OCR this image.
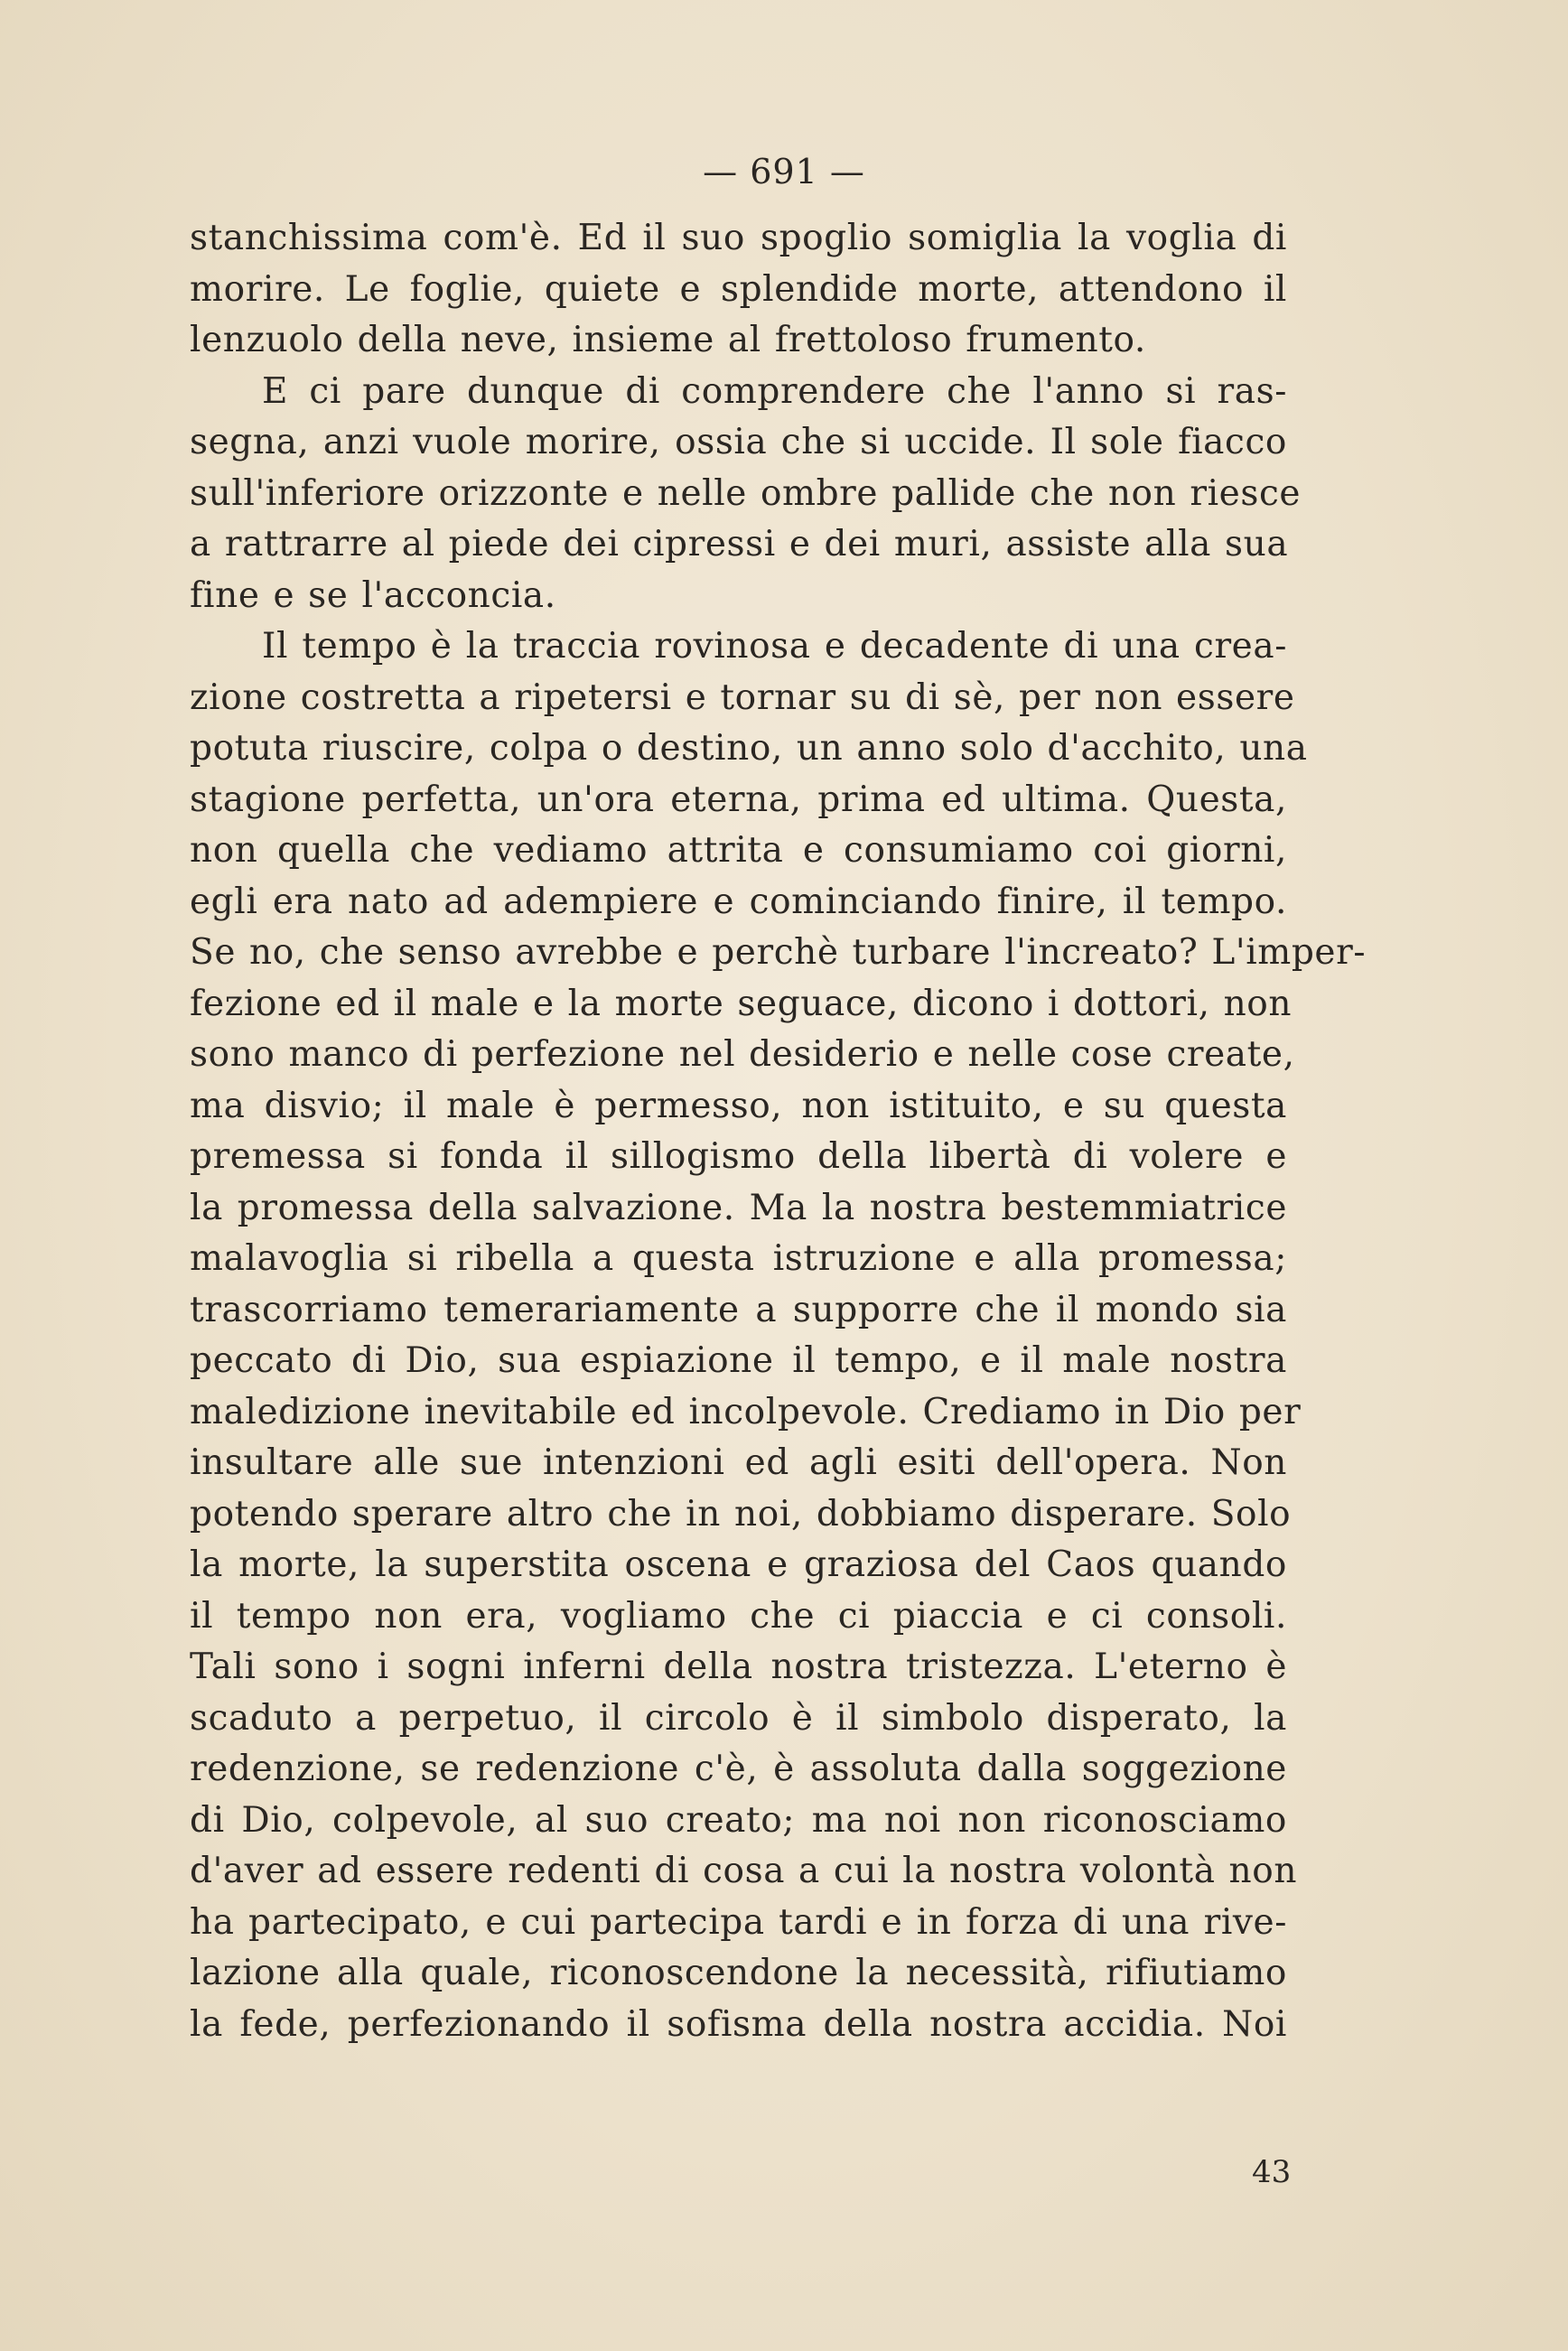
— 691 —
stanchissima com'è. Ed il suo spoglio somiglia la voglia di
morire. Le foglie, quiete e splendide morte, attendono il
lenzuolo della neve, insieme al frettoloso frumento.
E ci pare dunque di comprendere che l'anno si ras-
segna, anzi vuole morire, ossia che si uccide. Il sole fiacco
sull'inferiore orizzonte e nelle ombre pallide che non riesce
a rattrarre al piede dei cipressi e dei muri, assiste alla sua
fine e se l'acconcia.
Il tempo è la traccia rovinosa e decadente di una crea-
zione costretta a ripetersi e tornar su di sè, per non essere
potuta riuscire, colpa o destino, un anno solo d'acchito, una
stagione perfetta, un'ora eterna, prima ed ultima. Questa,
non quella che vediamo attrita e consumiamo coi giorni,
egli era nato ad adempiere e cominciando finire, il tempo.
Se no, che senso avrebbe e perchè turbare l'increato? L'imper-
fezione ed il male e la morte seguace, dicono i dottori, non
sono manco di perfezione nel desiderio e nelle cose create,
ma disvio; il male è permesso, non istituito, e su questa
premessa si fonda il sillogismo della libertà di volere e
la promessa della salvazione. Ma la nostra bestemmiatrice
malavoglia si ribella a questa istruzione e alla promessa;
trascorriamo temerariamente a supporre che il mondo sia
peccato di Dio, sua espiazione il tempo, e il male nostra
maledizione inevitabile ed incolpevole. Crediamo in Dio per
insultare alle sue intenzioni ed agli esiti dell'opera. Non
potendo sperare altro che in noi, dobbiamo disperare. Solo
la morte, la superstita oscena e graziosa del Caos quando
il tempo non era, vogliamo che ci piaccia e ci consoli.
Tali sono i sogni inferni della nostra tristezza. L'eterno è
scaduto a perpetuo, il circolo è il simbolo disperato, la
redenzione, se redenzione c'è, è assoluta dalla soggezione
di Dio, colpevole, al suo creato; ma noi non riconosciamo
d'aver ad essere redenti di cosa a cui la nostra volontà non
ha partecipato, e cui partecipa tardi e in forza di una rive-
lazione alla quale, riconoscendone la necessità, rifiutiamo
la fede, perfezionando il sofisma della nostra accidia. Noi
43
